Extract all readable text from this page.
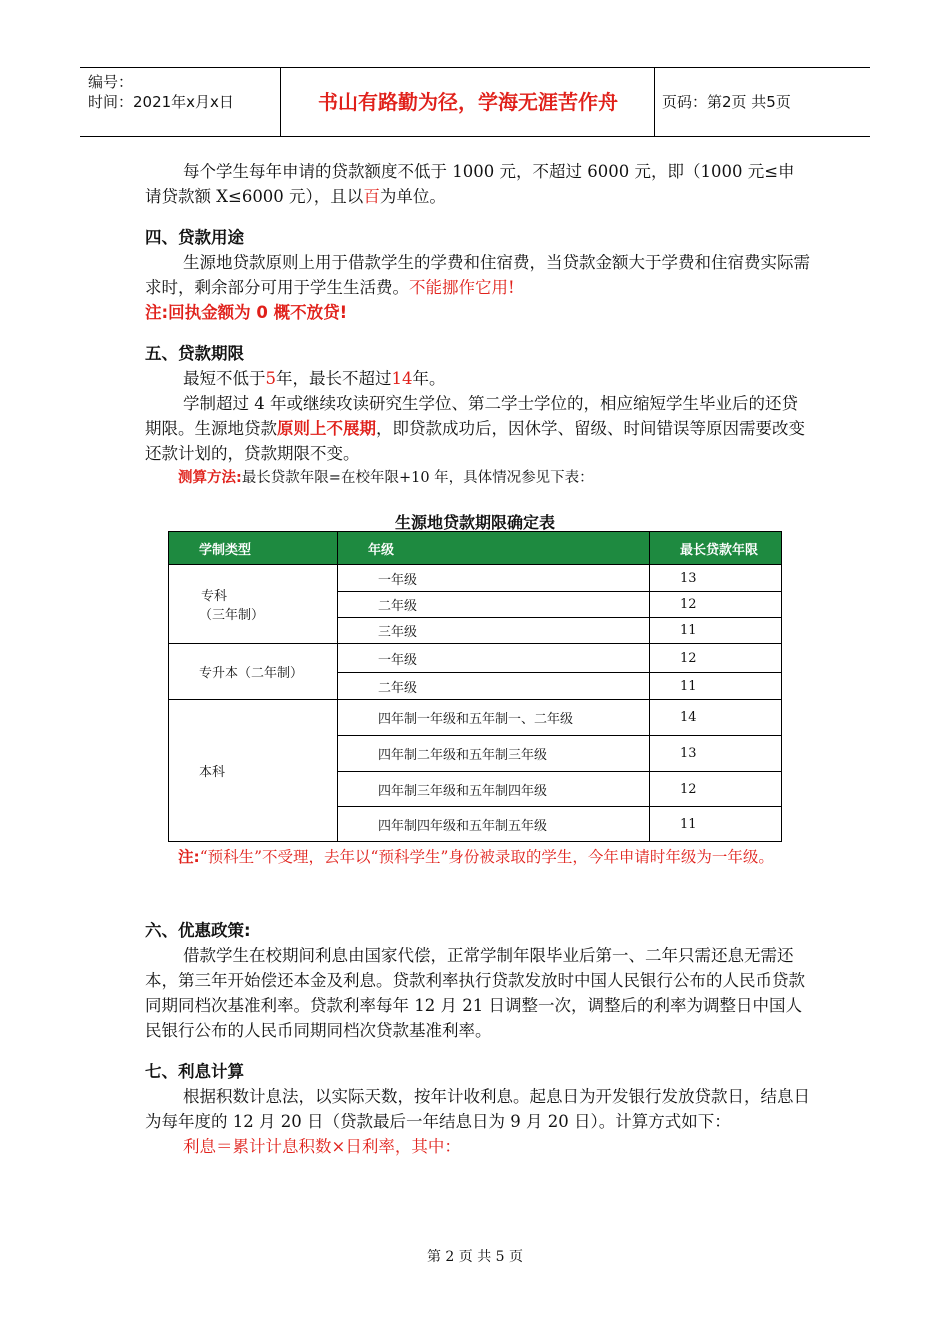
编号：
时间：2021年x月x日	书山有路勤为径，学海无涯苦作舟	页码：第2页 共5页

每个学生每年申请的贷款额度不低于 1000 元，不超过 6000 元，即（1000 元≤申请贷款额 X≤6000 元），且以百为单位。

四、贷款用途

生源地贷款原则上用于借款学生的学费和住宿费，当贷款金额大于学费和住宿费实际需求时，剩余部分可用于学生生活费。不能挪作它用!

注:回执金额为 0 概不放贷!

五、贷款期限

最短不低于5年，最长不超过14年。

学制超过 4 年或继续攻读研究生学位、第二学士学位的，相应缩短学生毕业后的还贷期限。生源地贷款原则上不展期，即贷款成功后，因休学、留级、时间错误等原因需要改变还款计划的，贷款期限不变。

测算方法:最长贷款年限=在校年限+10 年，具体情况参见下表：

生源地贷款期限确定表
学制类型	年级	最长贷款年限

专科
（三年制）	一年级	13
	二年级	12
	三年级	11
专升本（二年制）	一年级	12
	二年级	11
本科	四年制一年级和五年制一、二年级	14
	四年制二年级和五年制三年级	13
	四年制三年级和五年制四年级	12
	四年制四年级和五年制五年级	11

注:“预科生”不受理，去年以“预科学生”身份被录取的学生，今年申请时年级为一年级。

六、优惠政策:

借款学生在校期间利息由国家代偿，正常学制年限毕业后第一、二年只需还息无需还本，第三年开始偿还本金及利息。贷款利率执行贷款发放时中国人民银行公布的人民币贷款同期同档次基准利率。贷款利率每年 12 月 21 日调整一次，调整后的利率为调整日中国人民银行公布的人民币同期同档次贷款基准利率。

七、利息计算

根据积数计息法，以实际天数，按年计收利息。起息日为开发银行发放贷款日，结息日为每年度的 12 月 20 日（贷款最后一年结息日为 9 月 20 日）。计算方式如下：

利息＝累计计息积数×日利率，其中：

第 2 页 共 5 页
